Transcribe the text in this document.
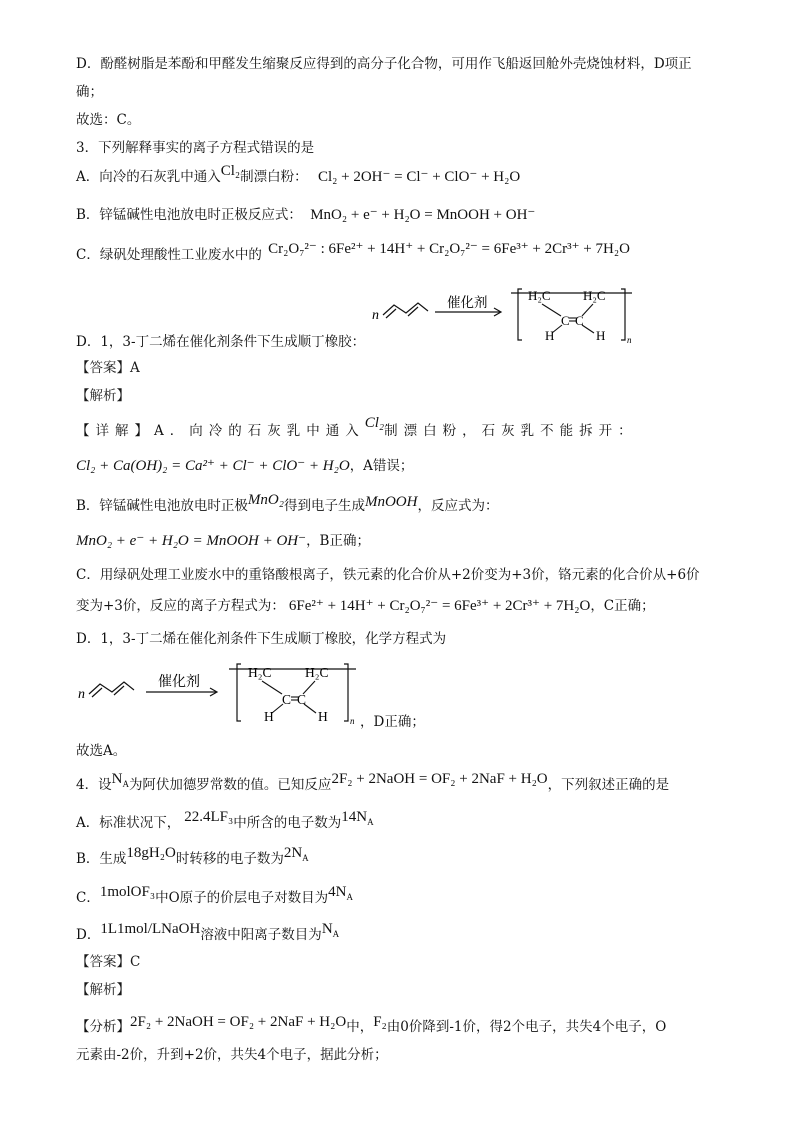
D．酚醛树脂是苯酚和甲醛发生缩聚反应得到的高分子化合物，可用作飞船返回舱外壳烧蚀材料，D项正
确；
故选：C。
3．下列解释事实的离子方程式错误的是
A．向冷的石灰乳中通入Cl₂制漂白粉： Cl₂ + 2OH⁻ = Cl⁻ + ClO⁻ + H₂O
B．锌锰碱性电池放电时正极反应式： MnO₂ + e⁻ + H₂O = MnOOH + OH⁻
C．绿矾处理酸性工业废水中的 Cr₂O₇²⁻ : 6Fe²⁺ + 14H⁺ + Cr₂O₇²⁻ = 6Fe³⁺ + 2Cr³⁺ + 7H₂O
D．1，3-丁二烯在催化剂条件下生成顺丁橡胶：
n
催化剂	H₂C H₂C
C C
H	H n
【答案】A
【解析】
【详解】A．向冷的石灰乳中通入Cl₂制漂白粉，石灰乳不能拆开：
Cl₂ + Ca(OH)₂ = Ca²⁺ + Cl⁻ + ClO⁻ + H₂O，A错误；
B．锌锰碱性电池放电时正极MnO₂得到电子生成MnOOH，反应式为：
MnO₂ + e⁻ + H₂O = MnOOH + OH⁻，B正确；
C．用绿矾处理工业废水中的重铬酸根离子，铁元素的化合价从+2价变为+3价，铬元素的化合价从+6价
变为+3价，反应的离子方程式为： 6Fe²⁺ + 14H⁺ + Cr₂O₇²⁻ = 6Fe³⁺ + 2Cr³⁺ + 7H₂O，C正确；
D．1，3-丁二烯在催化剂条件下生成顺丁橡胶，化学方程式为
n
催化剂
H₂C H₂C
C C
H	H n ，D正确；
故选A。
4．设$N_A$为阿伏加德罗常数的值。已知反应2F₂ + 2NaOH = OF₂ + 2NaF + H₂O，下列叙述正确的是
A．标准状况下， 22.4LF₃中所含的电子数为$14N_A$
B．生成18gH₂O时转移的电子数为$2N_A$
C．1molOF₃中O原子的价层电子对数目为$4N_A$
D．1L1mol/LNaOH溶液中阳离子数目为$N_A$
【答案】C
【解析】
【分析】2F₂ + 2NaOH = OF₂ + 2NaF + H₂O中，F₂由0价降到-1价，得2个电子，共失4个电子，O
元素由-2价，升到+2价，共失4个电子，据此分析；
